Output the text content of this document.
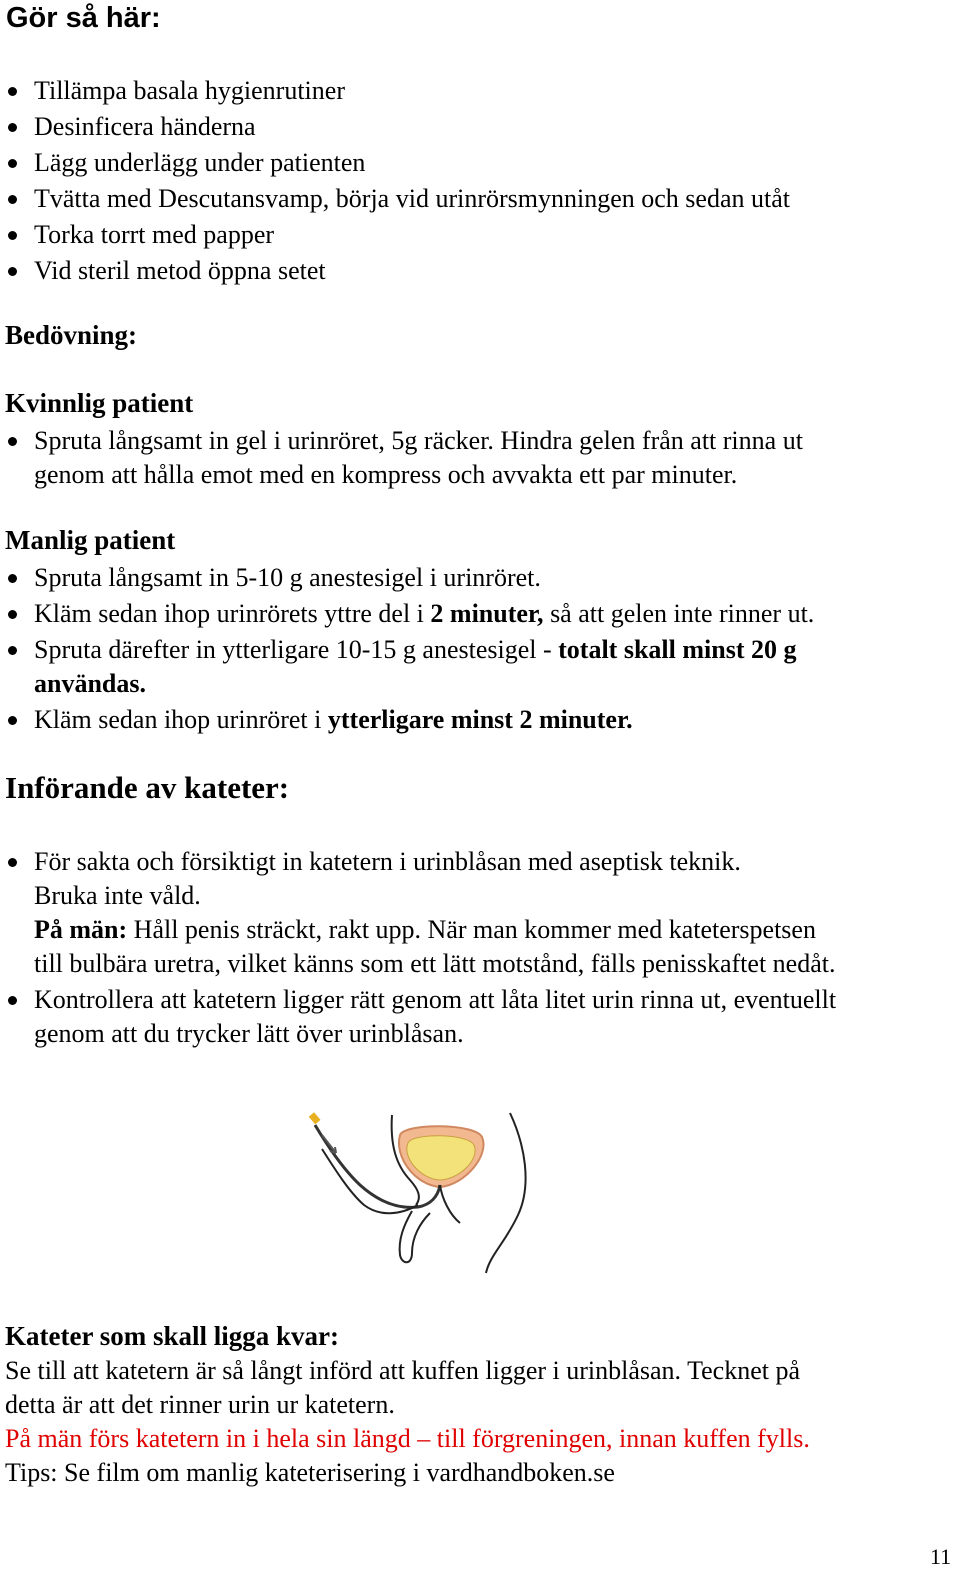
Gör så här:
Tillämpa basala hygienrutiner
Desinficera händerna
Lägg underlägg under patienten
Tvätta med Descutansvamp, börja vid urinrörsmynningen och sedan utåt
Torka torrt med papper
Vid steril metod öppna setet
Bedövning:
Kvinnlig patient
Spruta långsamt in gel i urinröret, 5g räcker. Hindra gelen från att rinna ut
genom att hålla emot med en kompress och avvakta ett par minuter.
Manlig patient
Spruta långsamt in 5-10 g anestesigel i urinröret.
Kläm sedan ihop urinrörets yttre del i 2 minuter, så att gelen inte rinner ut.
Spruta därefter in ytterligare 10-15 g anestesigel - totalt skall minst 20 g
användas.
Kläm sedan ihop urinröret i ytterligare minst 2 minuter.
Införande av kateter:
För sakta och försiktigt in katetern i urinblåsan med aseptisk teknik.
Bruka inte våld.
På män: Håll penis sträckt, rakt upp. När man kommer med kateterspetsen
till bulbära uretra, vilket känns som ett lätt motstånd, fälls penisskaftet nedåt.
Kontrollera att katetern ligger rätt genom att låta litet urin rinna ut, eventuellt
genom att du trycker lätt över urinblåsan.
Kateter som skall ligga kvar:
Se till att katetern är så långt införd att kuffen ligger i urinblåsan. Tecknet på
detta är att det rinner urin ur katetern.
På män förs katetern in i hela sin längd – till förgreningen, innan kuffen fylls.
Tips: Se film om manlig kateterisering i vardhandboken.se
11
